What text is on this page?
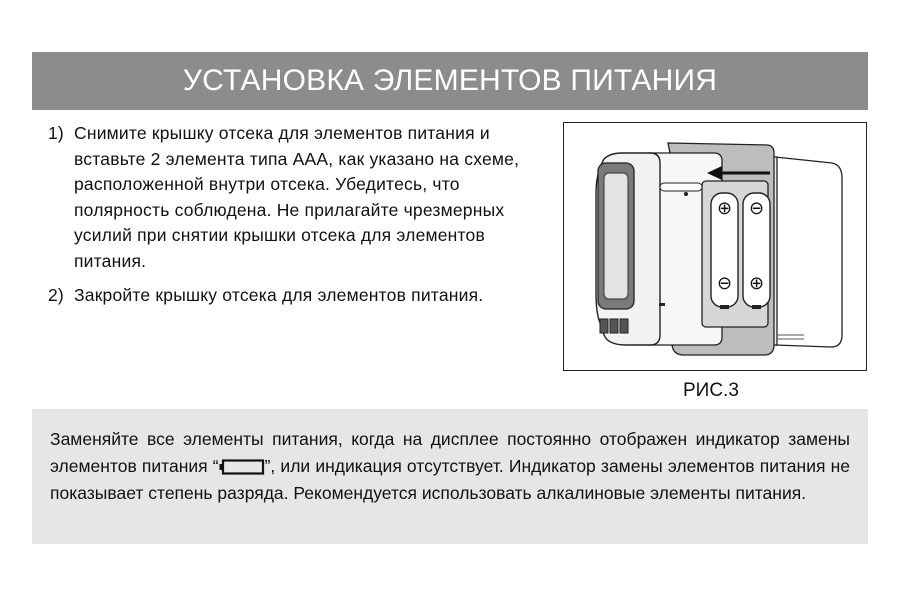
УСТАНОВКА ЭЛЕМЕНТОВ ПИТАНИЯ
1) Снимите крышку отсека для элементов питания и вставьте 2 элемента типа ААА, как указано на схеме, расположенной внутри отсека. Убедитесь, что полярность соблюдена. Не прилагайте чрезмерных усилий при снятии крышки отсека для элементов питания.
2) Закройте крышку отсека для элементов питания.
⊕
⊖
⊖
⊕
РИС.3

Заменяйте все элементы питания, когда на дисплее постоянно отображен индикатор замены элементов питания “	”, или индикация отсутствует. Индикатор замены элементов питания не показывает степень разряда. Рекомендуется использовать алкалиновые элементы питания.
